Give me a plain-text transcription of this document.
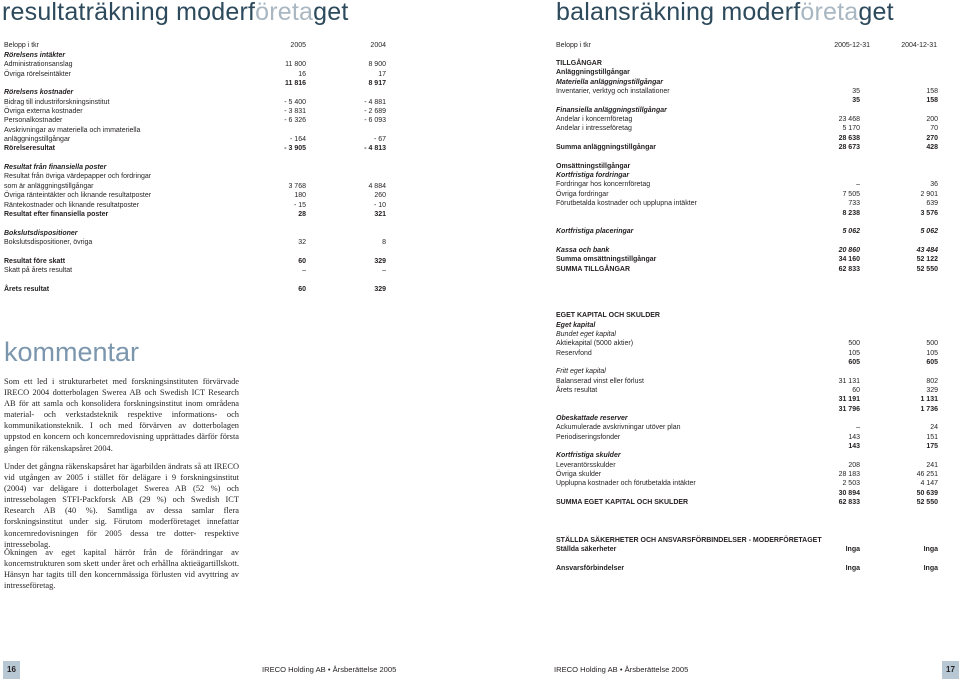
resultaträkning moderföretaget
Belopp i tkr	2005	2004
Rörelsens intäkter
Administrationsanslag	11 800	8 900
Övriga rörelseintäkter	16	17
11 816	8 917
Rörelsens kostnader
Bidrag till industriforskningsinstitut	- 5 400	- 4 881
Övriga externa kostnader	- 3 831	- 2 689
Personalkostnader	- 6 326	- 6 093
Avskrivningar av materiella och immateriella
anläggningstillgångar	- 164	- 67
Rörelseresultat	- 3 905	- 4 813
Resultat från finansiella poster
Resultat från övriga värdepapper och fordringar
som är anläggningstillgångar	3 768	4 884
Övriga ränteintäkter och liknande resultatposter	180	260
Räntekostnader och liknande resultatposter	- 15	- 10
Resultat efter finansiella poster	28	321
Bokslutsdispositioner
Bokslutsdispositioner, övriga	32	8
Resultat före skatt	60	329
Skatt på årets resultat	–	–
Årets resultat	60	329
kommentar
Som ett led i strukturarbetet med forskningsinstituten förvärvade IRECO 2004 dotterbolagen Swerea AB och Swedish ICT Research AB för att samla och konsolidera forskningsinstitut inom områdena material- och verkstadsteknik respektive informations- och kommunikationsteknik. I och med förvärven av dotterbolagen uppstod en koncern och koncernredovisning upprättades därför första gången för räkenskapsåret 2004.
Under det gångna räkenskapsåret har ägarbilden ändrats så att IRECO vid utgången av 2005 i stället för delägare i 9 forskningsinstitut (2004) var delägare i dotterbolaget Swerea AB (52 %) och intressebolagen STFI-Packforsk AB (29 %) och Swedish ICT Research AB (40 %). Samtliga av dessa samlar flera forskningsinstitut under sig. Förutom moderföretaget innefattar koncernredovisningen för 2005 dessa tre dotter- respektive intressebolag.
Ökningen av eget kapital härrör från de förändringar av koncernstrukturen som skett under året och erhållna aktieägartillskott. Hänsyn har tagits till den koncernmässiga förlusten vid avyttring av intresseföretag.
16	IRECO Holding AB • Årsberättelse 2005
balansräkning moderföretaget
Belopp i tkr	2005-12-31	2004-12-31
TILLGÅNGAR
Anläggningstillgångar
Materiella anläggningstillgångar
Inventarier, verktyg och installationer	35	158
35	158
Finansiella anläggningstillgångar
Andelar i koncernföretag	23 468	200
Andelar i intresseföretag	5 170	70
28 638	270
Summa anläggningstillgångar	28 673	428
Omsättningstillgångar
Kortfristiga fordringar
Fordringar hos koncernföretag	–	36
Övriga fordringar	7 505	2 901
Förutbetalda kostnader och upplupna intäkter	733	639
8 238	3 576
Kortfristiga placeringar	5 062	5 062
Kassa och bank	20 860	43 484
Summa omsättningstillgångar	34 160	52 122
SUMMA TILLGÅNGAR	62 833	52 550
EGET KAPITAL OCH SKULDER
Eget kapital
Bundet eget kapital
Aktiekapital (5000 aktier)	500	500
Reservfond	105	105
605	605
Fritt eget kapital
Balanserad vinst eller förlust	31 131	802
Årets resultat	60	329
31 191	1 131
31 796	1 736
Obeskattade reserver
Ackumulerade avskrivningar utöver plan	–	24
Periodiseringsfonder	143	151
143	175
Kortfristiga skulder
Leverantörsskulder	208	241
Övriga skulder	28 183	46 251
Upplupna kostnader och förutbetalda intäkter	2 503	4 147
30 894	50 639
SUMMA EGET KAPITAL OCH SKULDER	62 833	52 550
STÄLLDA SÄKERHETER OCH ANSVARSFÖRBINDELSER - MODERFÖRETAGET
Ställda säkerheter	Inga	Inga
Ansvarsförbindelser	Inga	Inga
IRECO Holding AB • Årsberättelse 2005	17
